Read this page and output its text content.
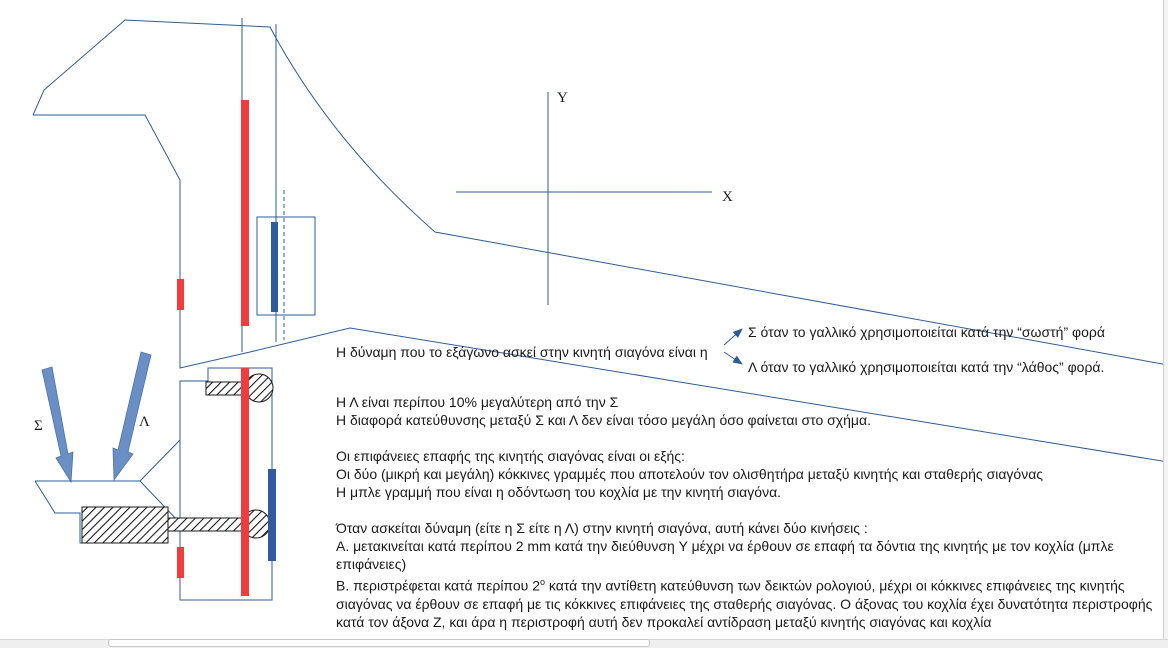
Y
X
Σ	Λ
Η δύναμη που το εξάγωνο ασκεί στην κινητή σιαγόνα είναι η
Σ όταν το γαλλικό χρησιμοποιείται κατά την “σωστή” φορά
Λ όταν το γαλλικό χρησιμοποιείται κατά την “λάθος” φορά.
Η Λ είναι περίπου 10% μεγαλύτερη από την Σ
Η διαφορά κατεύθυνσης μεταξύ Σ και Λ δεν είναι τόσο μεγάλη όσο φαίνεται στο σχήμα.
Οι επιφάνειες επαφής της κινητής σιαγόνας είναι οι εξής:
Οι δύο (μικρή και μεγάλη) κόκκινες γραμμές που αποτελούν τον ολισθητήρα μεταξύ κινητής και σταθερής σιαγόνας
Η μπλε γραμμή που είναι η οδόντωση του κοχλία με την κινητή σιαγόνα.
Όταν ασκείται δύναμη (είτε η Σ είτε η Λ) στην κινητή σιαγόνα, αυτή κάνει δύο κινήσεις :
Α. μετακινείται κατά περίπου 2 mm κατά την διεύθυνση Y μέχρι να έρθουν σε επαφή τα δόντια της κινητής με τον κοχλία (μπλε
επιφάνειες)
Β. περιστρέφεται κατά περίπου $2^o$ κατά την αντίθετη κατεύθυνση των δεικτών ρολογιού, μέχρι οι κόκκινες επιφάνειες της κινητής
σιαγόνας να έρθουν σε επαφή με τις κόκκινες επιφάνειες της σταθερής σιαγόνας. Ο άξονας του κοχλία έχει δυνατότητα περιστροφής
κατά τον άξονα Ζ, και άρα η περιστροφή αυτή δεν προκαλεί αντίδραση μεταξύ κινητής σιαγόνας και κοχλία
